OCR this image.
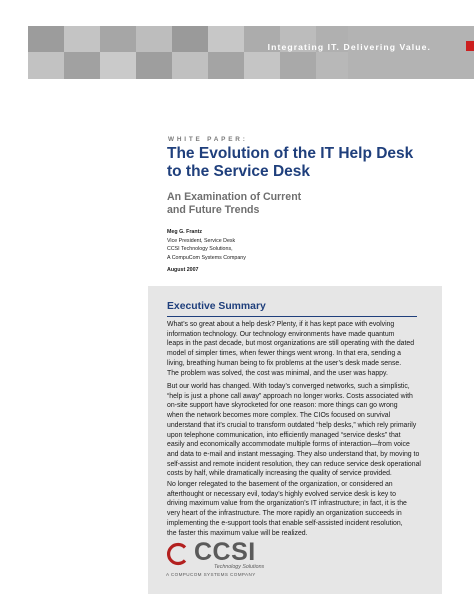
Integrating IT. Delivering Value.
WHITE PAPER:
The Evolution of the IT Help Desk
to the Service Desk
An Examination of Current
and Future Trends
Meg G. Frantz
Vice President, Service Desk
CCSI Technology Solutions,
A CompuCom Systems Company
August 2007
Executive Summary
What’s so great about a help desk? Plenty, if it has kept pace with evolving
information technology. Our technology environments have made quantum
leaps in the past decade, but most organizations are still operating with the dated
model of simpler times, when fewer things went wrong. In that era, sending a
living, breathing human being to fix problems at the user’s desk made sense.
The problem was solved, the cost was minimal, and the user was happy.
But our world has changed. With today’s converged networks, such a simplistic,
“help is just a phone call away” approach no longer works. Costs associated with
on-site support have skyrocketed for one reason: more things can go wrong
when the network becomes more complex. The CIOs focused on survival
understand that it’s crucial to transform outdated “help desks,” which rely primarily
upon telephone communication, into efficiently managed “service desks” that
easily and economically accommodate multiple forms of interaction—from voice
and data to e-mail and instant messaging. They also understand that, by moving to
self-assist and remote incident resolution, they can reduce service desk operational
costs by half, while dramatically increasing the quality of service provided.
No longer relegated to the basement of the organization, or considered an
afterthought or necessary evil, today’s highly evolved service desk is key to
driving maximum value from the organization’s IT infrastructure; in fact, it is the
very heart of the infrastructure. The more rapidly an organization succeeds in
implementing the e-support tools that enable self-assisted incident resolution,
the faster this maximum value will be realized.
CCSI
Technology Solutions
A COMPUCOM SYSTEMS COMPANY
